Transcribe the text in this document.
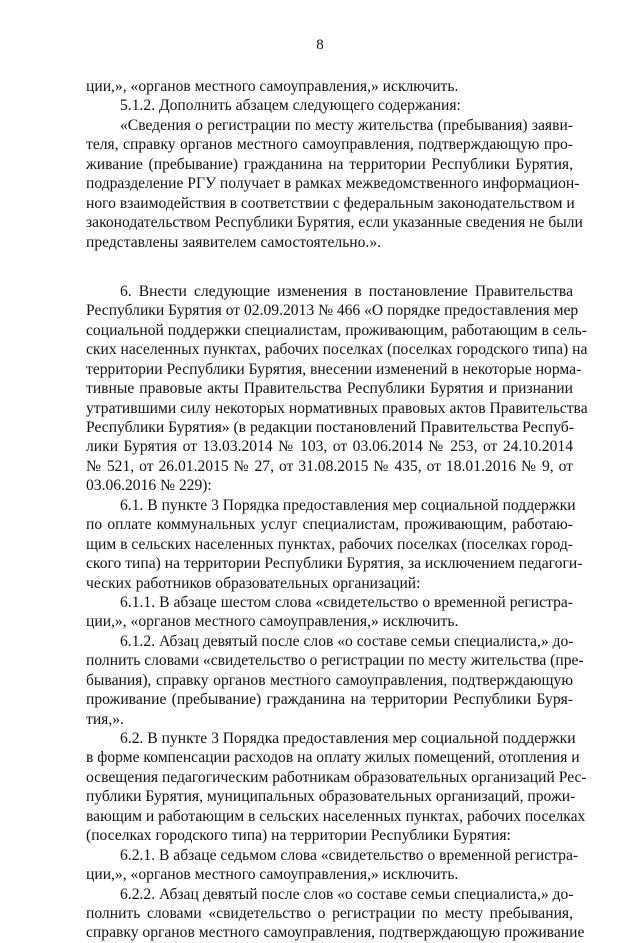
8
ции,», «органов местного самоуправления,» исключить.
5.1.2. Дополнить абзацем следующего содержания:
«Сведения о регистрации по месту жительства (пребывания) заяви-
теля, справку органов местного самоуправления, подтверждающую про-
живание (пребывание) гражданина на территории Республики Бурятия,
подразделение РГУ получает в рамках межведомственного информацион-
ного взаимодействия в соответствии с федеральным законодательством и
законодательством Республики Бурятия, если указанные сведения не были
представлены заявителем самостоятельно.».
6. Внести следующие изменения в постановление Правительства
Республики Бурятия от 02.09.2013 № 466 «О порядке предоставления мер
социальной поддержки специалистам, проживающим, работающим в сель-
ских населенных пунктах, рабочих поселках (поселках городского типа) на
территории Республики Бурятия, внесении изменений в некоторые норма-
тивные правовые акты Правительства Республики Бурятия и признании
утратившими силу некоторых нормативных правовых актов Правительства
Республики Бурятия» (в редакции постановлений Правительства Респуб-
лики Бурятия от 13.03.2014 № 103, от 03.06.2014 № 253, от 24.10.2014
№ 521, от 26.01.2015 № 27, от 31.08.2015 № 435, от 18.01.2016 № 9, от
03.06.2016 № 229):
6.1. В пункте 3 Порядка предоставления мер социальной поддержки
по оплате коммунальных услуг специалистам, проживающим, работаю-
щим в сельских населенных пунктах, рабочих поселках (поселках город-
ского типа) на территории Республики Бурятия, за исключением педагоги-
ческих работников образовательных организаций:
6.1.1. В абзаце шестом слова «свидетельство о временной регистра-
ции,», «органов местного самоуправления,» исключить.
6.1.2. Абзац девятый после слов «о составе семьи специалиста,» до-
полнить словами «свидетельство о регистрации по месту жительства (пре-
бывания), справку органов местного самоуправления, подтверждающую
проживание (пребывание) гражданина на территории Республики Буря-
тия,».
6.2. В пункте 3 Порядка предоставления мер социальной поддержки
в форме компенсации расходов на оплату жилых помещений, отопления и
освещения педагогическим работникам образовательных организаций Рес-
публики Бурятия, муниципальных образовательных организаций, прожи-
вающим и работающим в сельских населенных пунктах, рабочих поселках
(поселках городского типа) на территории Республики Бурятия:
6.2.1. В абзаце седьмом слова «свидетельство о временной регистра-
ции,», «органов местного самоуправления,» исключить.
6.2.2. Абзац девятый после слов «о составе семьи специалиста,» до-
полнить словами «свидетельство о регистрации по месту пребывания,
справку органов местного самоуправления, подтверждающую проживание
